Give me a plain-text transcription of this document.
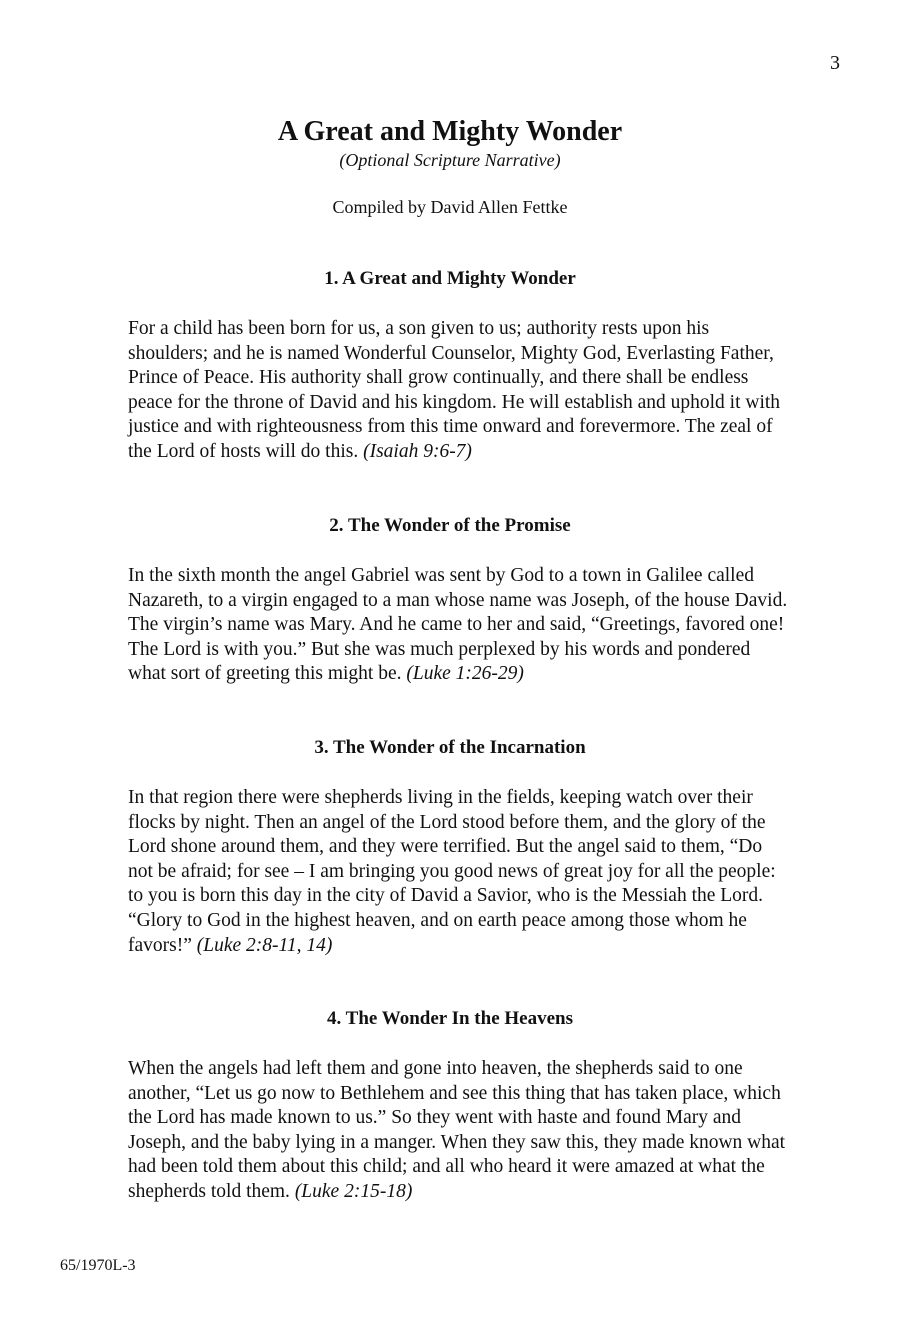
3
A Great and Mighty Wonder
(Optional Scripture Narrative)
Compiled by David Allen Fettke
1. A Great and Mighty Wonder

For a child has been born for us, a son given to us; authority rests upon his shoulders; and he is named Wonderful Counselor, Mighty God, Everlasting Father, Prince of Peace. His authority shall grow continually, and there shall be endless peace for the throne of David and his kingdom. He will establish and uphold it with justice and with righteousness from this time onward and forevermore. The zeal of the Lord of hosts will do this. (Isaiah 9:6-7)

2. The Wonder of the Promise

In the sixth month the angel Gabriel was sent by God to a town in Galilee called Nazareth, to a virgin engaged to a man whose name was Joseph, of the house David. The virgin’s name was Mary. And he came to her and said, “Greetings, favored one! The Lord is with you.” But she was much perplexed by his words and pondered what sort of greeting this might be. (Luke 1:26-29)

3. The Wonder of the Incarnation

In that region there were shepherds living in the fields, keeping watch over their flocks by night. Then an angel of the Lord stood before them, and the glory of the Lord shone around them, and they were terrified. But the angel said to them, “Do not be afraid; for see – I am bringing you good news of great joy for all the people: to you is born this day in the city of David a Savior, who is the Messiah the Lord. “Glory to God in the highest heaven, and on earth peace among those whom he favors!” (Luke 2:8-11, 14)

4. The Wonder In the Heavens

When the angels had left them and gone into heaven, the shepherds said to one another, “Let us go now to Bethlehem and see this thing that has taken place, which the Lord has made known to us.” So they went with haste and found Mary and Joseph, and the baby lying in a manger. When they saw this, they made known what had been told them about this child; and all who heard it were amazed at what the shepherds told them. (Luke 2:15-18)

65/1970L-3
